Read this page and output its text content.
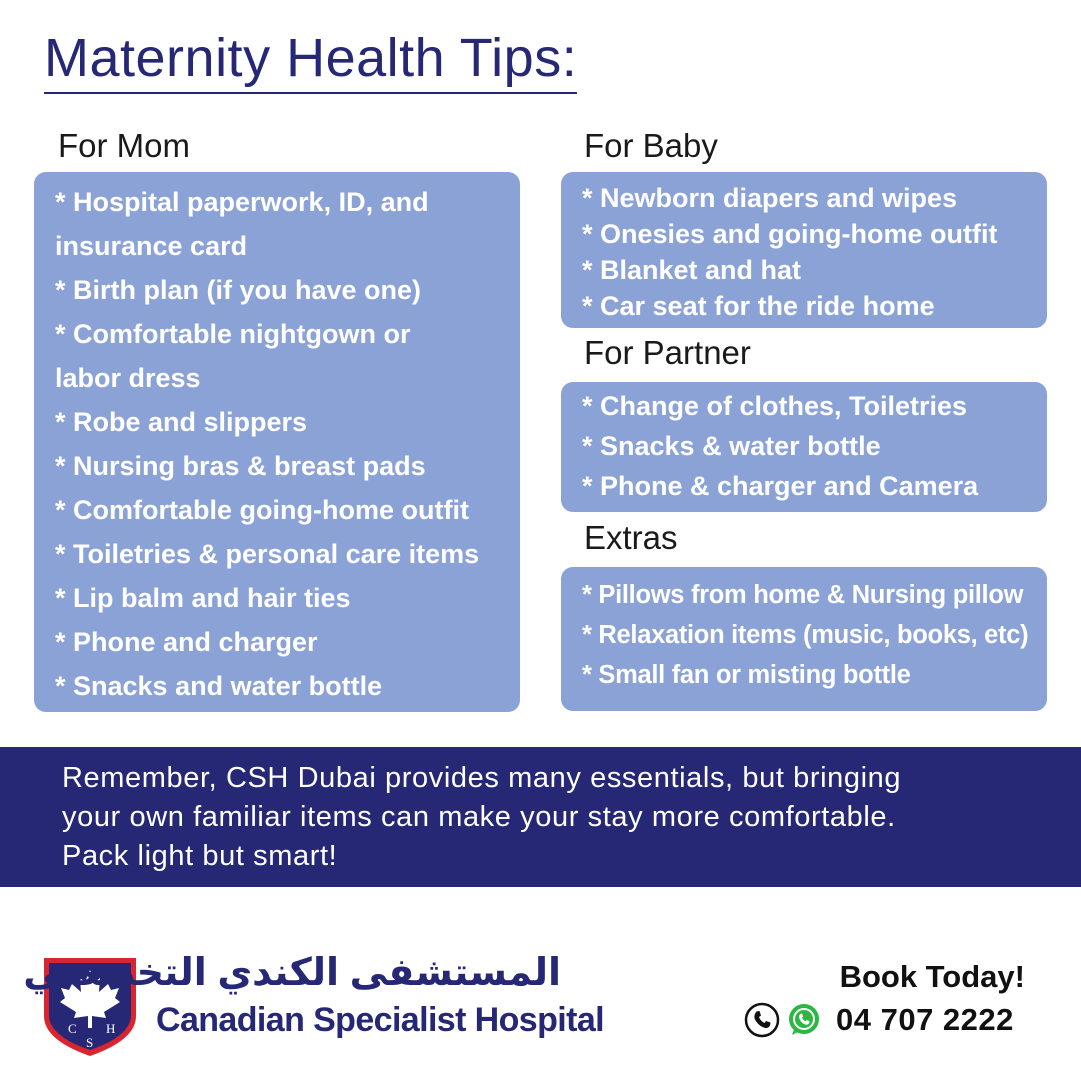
Maternity Health Tips:
For Mom
* Hospital paperwork, ID, and
insurance card
* Birth plan (if you have one)
* Comfortable nightgown or
labor dress
* Robe and slippers
* Nursing bras & breast pads
* Comfortable going-home outfit
* Toiletries & personal care items
* Lip balm and hair ties
* Phone and charger
* Snacks and water bottle
For Baby
* Newborn diapers and wipes
* Onesies and going-home outfit
* Blanket and hat
* Car seat for the ride home
For Partner
* Change of clothes, Toiletries
* Snacks & water bottle
* Phone & charger and Camera
Extras
* Pillows from home & Nursing pillow
* Relaxation items (music, books, etc)
* Small fan or misting bottle
Remember, CSH Dubai provides many essentials, but bringing
your own familiar items can make your stay more comfortable.
Pack light but smart!
C H
S
المستشفى الكندي التخصصي
Canadian Specialist Hospital
Book Today!
04 707 2222
